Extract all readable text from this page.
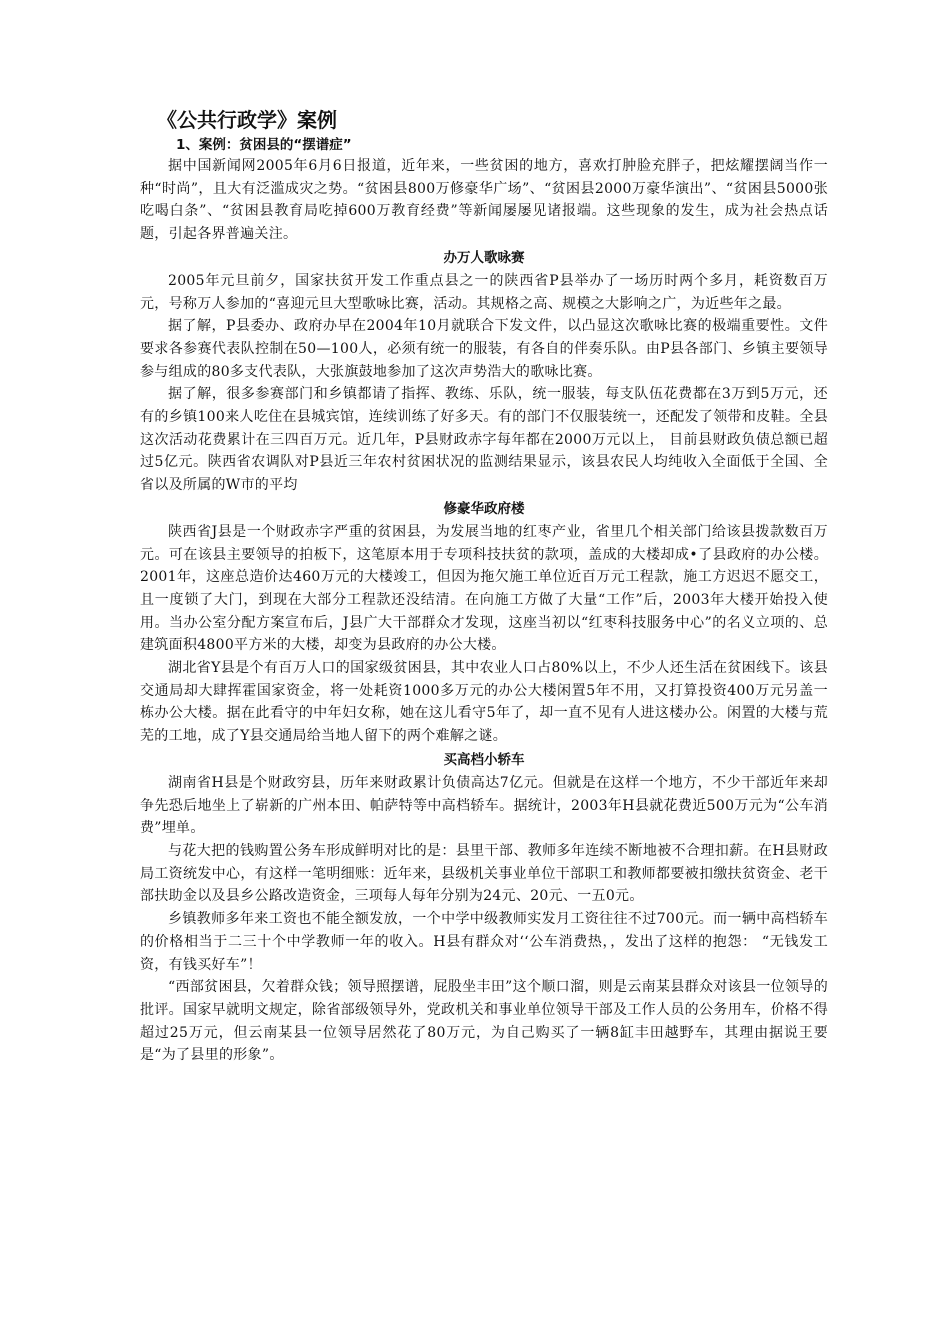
《公共行政学》案例
1、案例：贫困县的“摆谱症”

据中国新闻网2005年6月6日报道，近年来，一些贫困的地方，喜欢打肿脸充胖子，把炫耀摆阔当作一种“时尚”，且大有泛滥成灾之势。“贫困县800万修豪华广场”、“贫困县2000万豪华演出”、“贫困县5000张吃喝白条”、“贫困县教育局吃掉600万教育经费”等新闻屡屡见诸报端。这些现象的发生，成为社会热点话题，引起各界普遍关注。

办万人歌咏赛

2005年元旦前夕，国家扶贫开发工作重点县之一的陕西省P县举办了一场历时两个多月，耗资数百万元，号称万人参加的“喜迎元旦大型歌咏比赛，活动。其规格之高、规模之大影响之广，为近些年之最。

据了解，P县委办、政府办早在2004年10月就联合下发文件，以凸显这次歌咏比赛的极端重要性。文件要求各参赛代表队控制在50—100人，必须有统一的服装，有各自的伴奏乐队。由P县各部门、乡镇主要领导参与组成的80多支代表队，大张旗鼓地参加了这次声势浩大的歌咏比赛。

据了解，很多参赛部门和乡镇都请了指挥、教练、乐队，统一服装，每支队伍花费都在3万到5万元，还有的乡镇100来人吃住在县城宾馆，连续训练了好多天。有的部门不仅服装统一，还配发了领带和皮鞋。全县这次活动花费累计在三四百万元。近几年，P县财政赤字每年都在2000万元以上， 目前县财政负债总额已超过5亿元。陕西省农调队对P县近三年农村贫困状况的监测结果显示，该县农民人均纯收入全面低于全国、全省以及所属的W市的平均

修豪华政府楼

陕西省J县是一个财政赤字严重的贫困县，为发展当地的红枣产业，省里几个相关部门给该县拨款数百万元。可在该县主要领导的拍板下，这笔原本用于专项科技扶贫的款项，盖成的大楼却成•了县政府的办公楼。2001年，这座总造价达460万元的大楼竣工，但因为拖欠施工单位近百万元工程款，施工方迟迟不愿交工，且一度锁了大门，到现在大部分工程款还没结清。在向施工方做了大量“工作”后，2003年大楼开始投入使用。当办公室分配方案宣布后，J县广大干部群众才发现，这座当初以“红枣科技服务中心”的名义立项的、总建筑面积4800平方米的大楼，却变为县政府的办公大楼。

湖北省Y县是个有百万人口的国家级贫困县，其中农业人口占80%以上，不少人还生活在贫困线下。该县交通局却大肆挥霍国家资金，将一处耗资1000多万元的办公大楼闲置5年不用，又打算投资400万元另盖一栋办公大楼。据在此看守的中年妇女称，她在这儿看守5年了，却一直不见有人进这楼办公。闲置的大楼与荒芜的工地，成了Y县交通局给当地人留下的两个难解之谜。

买高档小轿车

湖南省H县是个财政穷县，历年来财政累计负债高达7亿元。但就是在这样一个地方，不少干部近年来却争先恐后地坐上了崭新的广州本田、帕萨特等中高档轿车。据统计，2003年H县就花费近500万元为“公车消费”埋单。

与花大把的钱购置公务车形成鲜明对比的是：县里干部、教师多年连续不断地被不合理扣薪。在H县财政局工资统发中心，有这样一笔明细账：近年来，县级机关事业单位干部职工和教师都要被扣缴扶贫资金、老干部扶助金以及县乡公路改造资金，三项每人每年分别为24元、20元、一五0元。

乡镇教师多年来工资也不能全额发放，一个中学中级教师实发月工资往往不过700元。而一辆中高档轿车的价格相当于二三十个中学教师一年的收入。H县有群众对‘‘公车消费热，，发出了这样的抱怨： “无钱发工资，有钱买好车”！

“西部贫困县，欠着群众钱；领导照摆谱，屁股坐丰田”这个顺口溜，则是云南某县群众对该县一位领导的批评。国家早就明文规定，除省部级领导外，党政机关和事业单位领导干部及工作人员的公务用车，价格不得超过25万元，但云南某县一位领导居然花了80万元，为自己购买了一辆8缸丰田越野车，其理由据说王要是“为了县里的形象”。
